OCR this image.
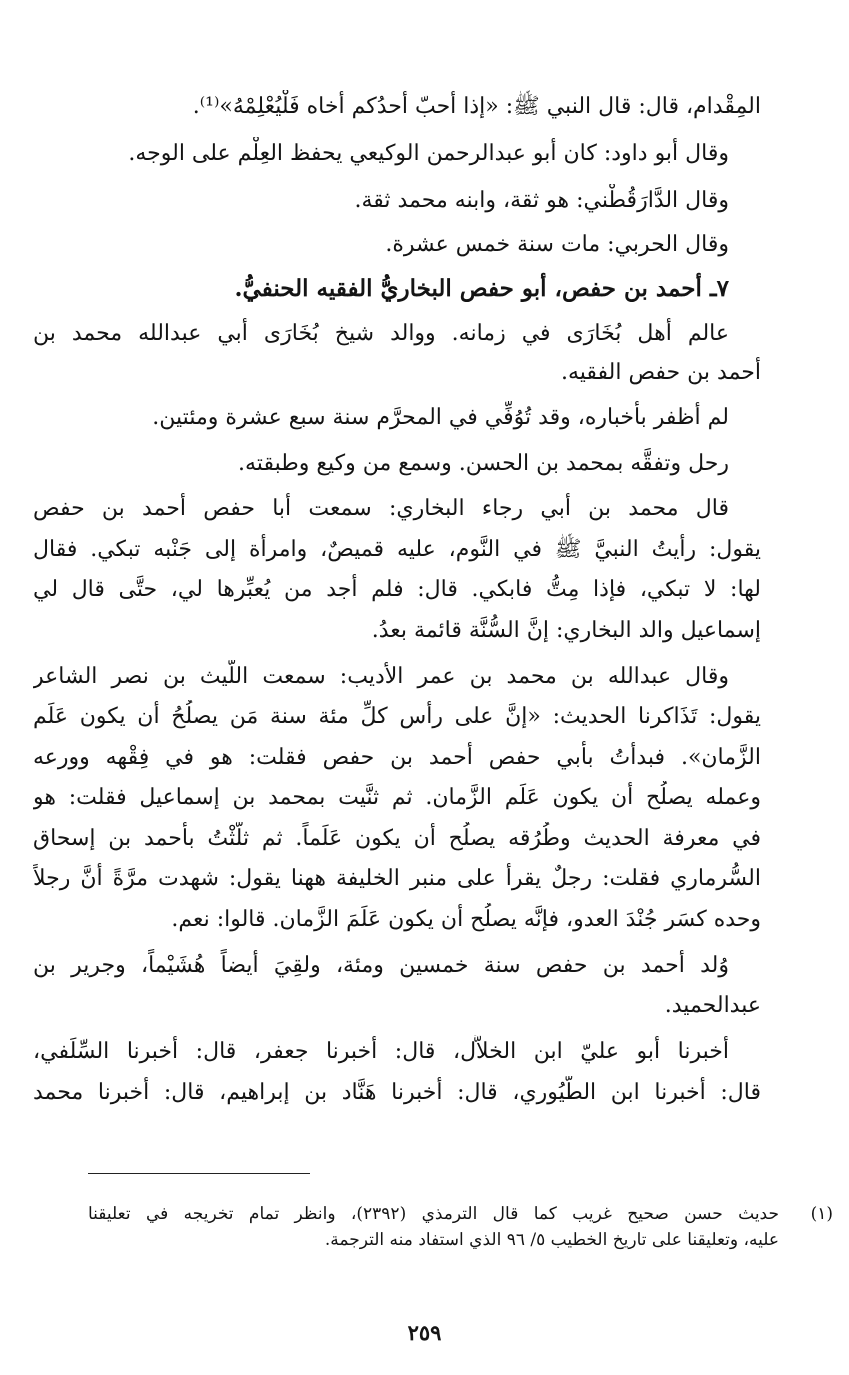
المِقْدام، قال: قال النبي ﷺ: «إذا أحبّ أحدُكم أخاه فَلْيُعْلِمْهُ»⁽¹⁾.
وقال أبو داود: كان أبو عبدالرحمن الوكيعي يحفظ العِلْم على الوجه.
وقال الدَّارَقُطْني: هو ثقة، وابنه محمد ثقة.
وقال الحربي: مات سنة خمس عشرة.
٧ـ أحمد بن حفص، أبو حفص البخاريُّ الفقيه الحنفيُّ.
عالم أهل بُخَارَى في زمانه. ووالد شيخ بُخَارَى أبي عبدالله محمد بن
أحمد بن حفص الفقيه.
لم أظفر بأخباره، وقد تُوُفِّي في المحرَّم سنة سبع عشرة ومئتين.
رحل وتفقَّه بمحمد بن الحسن. وسمع من وكيع وطبقته.
قال محمد بن أبي رجاء البخاري: سمعت أبا حفص أحمد بن حفص
يقول: رأيتُ النبيَّ ﷺ في النَّوم، عليه قميصٌ، وامرأة إلى جَنْبه تبكي. فقال
لها: لا تبكي، فإذا مِتُّ فابكي. قال: فلم أجد من يُعبِّرها لي، حتَّى قال لي
إسماعيل والد البخاري: إنَّ السُّنَّة قائمة بعدُ.
وقال عبدالله بن محمد بن عمر الأديب: سمعت اللَّيث بن نصر الشاعر
يقول: تَذَاكرنا الحديث: «إنَّ على رأس كلِّ مئة سنة مَن يصلُحُ أن يكون عَلَم
الزَّمان». فبدأتُ بأبي حفص أحمد بن حفص فقلت: هو في فِقْهه وورعه
وعمله يصلُح أن يكون عَلَم الزَّمان. ثم ثنَّيت بمحمد بن إسماعيل فقلت: هو
في معرفة الحديث وطُرُقه يصلُح أن يكون عَلَماً. ثم ثلَّثْتُ بأحمد بن إسحاق
السُّرماري فقلت: رجلٌ يقرأ على منبر الخليفة ههنا يقول: شهدت مرَّةً أنَّ رجلاً
وحده كسَر جُنْدَ العدو، فإنَّه يصلُح أن يكون عَلَمَ الزَّمان. قالوا: نعم.
وُلد أحمد بن حفص سنة خمسين ومئة، ولقِيَ أيضاً هُشَيْماً، وجرير بن
عبدالحميد.
أخبرنا أبو عليّ ابن الخلاَّل، قال: أخبرنا جعفر، قال: أخبرنا السِّلَفي،
قال: أخبرنا ابن الطُّيُوري، قال: أخبرنا هَنَّاد بن إبراهيم، قال: أخبرنا محمد
(١)
حديث حسن صحيح غريب كما قال الترمذي (٢٣٩٢)، وانظر تمام تخريجه في تعليقنا
عليه، وتعليقنا على تاريخ الخطيب ٥/ ٩٦ الذي استفاد منه الترجمة.
٢٥٩
